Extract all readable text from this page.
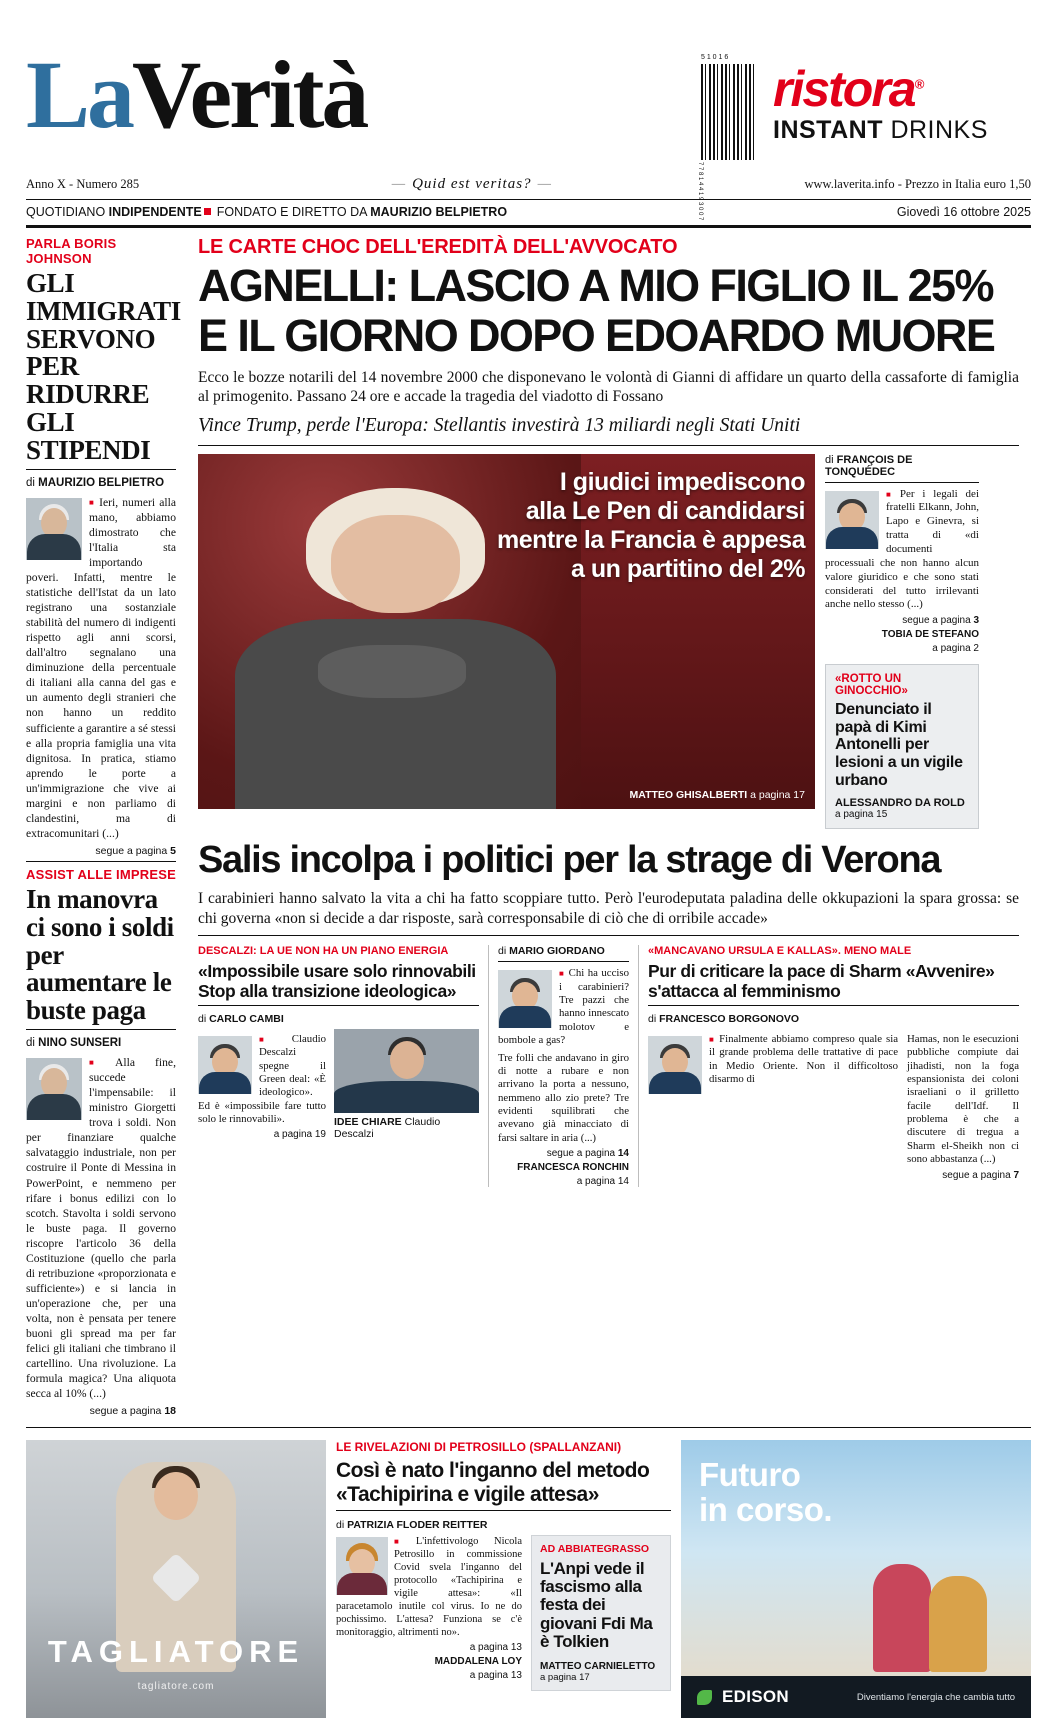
LaVerità	5 1 0 1 6
7 7 8 1 4 4 1 9 3 0 0 7
ristora®
INSTANT DRINKS
Anno X - Numero 285	— Quid est veritas? —	www.laverita.info - Prezzo in Italia euro 1,50
QUOTIDIANO INDIPENDENTE FONDATO E DIRETTO DA MAURIZIO BELPIETRO	Giovedì 16 ottobre 2025
PARLA BORIS JOHNSON
GLI IMMIGRATI SERVONO PER RIDURRE GLI STIPENDI
di MAURIZIO BELPIETRO
■ Ieri, numeri alla mano, abbiamo dimostrato che l'Italia sta importando poveri. Infatti, mentre le statistiche dell'Istat da un lato registrano una sostanziale stabilità del numero di indigenti rispetto agli anni scorsi, dall'altro segnalano una diminuzione della percentuale di italiani alla canna del gas e un aumento degli stranieri che non hanno un reddito sufficiente a garantire a sé stessi e alla propria famiglia una vita dignitosa. In pratica, stiamo aprendo le porte a un'immigrazione che vive ai margini e non parliamo di clandestini, ma di extracomunitari (...)
segue a pagina 5
ASSIST ALLE IMPRESE
In manovra ci sono i soldi per aumentare le buste paga
di NINO SUNSERI
■ Alla fine, succede l'impensabile: il ministro Giorgetti trova i soldi. Non per finanziare qualche salvataggio industriale, non per costruire il Ponte di Messina in PowerPoint, e nemmeno per rifare i bonus edilizi con lo scotch. Stavolta i soldi servono le buste paga. Il governo riscopre l'articolo 36 della Costituzione (quello che parla di retribuzione «proporzionata e sufficiente») e si lancia in un'operazione che, per una volta, non è pensata per tenere buoni gli spread ma per far felici gli italiani che timbrano il cartellino. Una rivoluzione. La formula magica? Una aliquota secca al 10% (...)
segue a pagina 18
LE CARTE CHOC DELL'EREDITÀ DELL'AVVOCATO
AGNELLI: LASCIO A MIO FIGLIO IL 25%
E IL GIORNO DOPO EDOARDO MUORE
Ecco le bozze notarili del 14 novembre 2000 che disponevano le volontà di Gianni di affidare un quarto della cassaforte di famiglia al primogenito. Passano 24 ore e accade la tragedia del viadotto di Fossano
Vince Trump, perde l'Europa: Stellantis investirà 13 miliardi negli Stati Uniti
I giudici impediscono
alla Le Pen di candidarsi
mentre la Francia è appesa
a un partitino del 2%
MATTEO GHISALBERTI a pagina 17
di FRANÇOIS DE TONQUÉDEC
■ Per i legali dei fratelli Elkann, John, Lapo e Ginevra, si tratta di «di documenti processuali che non hanno alcun valore giuridico e che sono stati considerati del tutto irrilevanti anche nello stesso (...)
segue a pagina 3
TOBIA DE STEFANO
a pagina 2
«ROTTO UN GINOCCHIO»
Denunciato il papà di Kimi Antonelli per lesioni a un vigile urbano
ALESSANDRO DA ROLD
a pagina 15
Salis incolpa i politici per la strage di Verona
I carabinieri hanno salvato la vita a chi ha fatto scoppiare tutto. Però l'eurodeputata paladina delle okkupazioni la spara grossa: se chi governa «non si decide a dar risposte, sarà corresponsabile di ciò che di orribile accade»
DESCALZI: LA UE NON HA UN PIANO ENERGIA
«Impossibile usare solo rinnovabili Stop alla transizione ideologica»
di CARLO CAMBI
■ Claudio Descalzi spegne il Green deal: «È ideologico». Ed è «impossibile fare tutto solo le rinnovabili».
a pagina 19
IDEE CHIARE Claudio Descalzi
di MARIO GIORDANO
■ Chi ha ucciso i carabinieri? Tre pazzi che hanno innescato molotov e bombole a gas?
Tre folli che andavano in giro di notte a rubare e non arrivano la porta a nessuno, nemmeno allo zio prete? Tre evidenti squilibrati che avevano già minacciato di farsi saltare in aria (...)
segue a pagina 14
FRANCESCA RONCHIN
a pagina 14
«MANCAVANO URSULA E KALLAS». MENO MALE
Pur di criticare la pace di Sharm «Avvenire» s'attacca al femminismo
di FRANCESCO BORGONOVO
■ Finalmente abbiamo compreso quale sia il grande problema delle trattative di pace in Medio Oriente. Non il difficoltoso disarmo di
Hamas, non le esecuzioni pubbliche compiute dai jihadisti, non la foga espansionista dei coloni israeliani o il grilletto facile dell'Idf. Il problema è che a discutere di tregua a Sharm el-Sheikh non ci sono abbastanza (...)
segue a pagina 7
TAGLIATORE
tagliatore.com
LE RIVELAZIONI DI PETROSILLO (SPALLANZANI)
Così è nato l'inganno del metodo «Tachipirina e vigile attesa»
di PATRIZIA FLODER REITTER
■ L'infettivologo Nicola Petrosillo in commissione Covid svela l'inganno del protocollo «Tachipirina e vigile attesa»: «Il paracetamolo inutile col virus. Io ne do pochissimo. L'attesa? Funziona se c'è monitoraggio, altrimenti no».
a pagina 13
MADDALENA LOY
a pagina 13
AD ABBIATEGRASSO
L'Anpi vede il fascismo alla festa dei giovani Fdi Ma è Tolkien
MATTEO CARNIELETTO
a pagina 17
Futuro
in corso.
EDISON	Diventiamo l'energia che cambia tutto
